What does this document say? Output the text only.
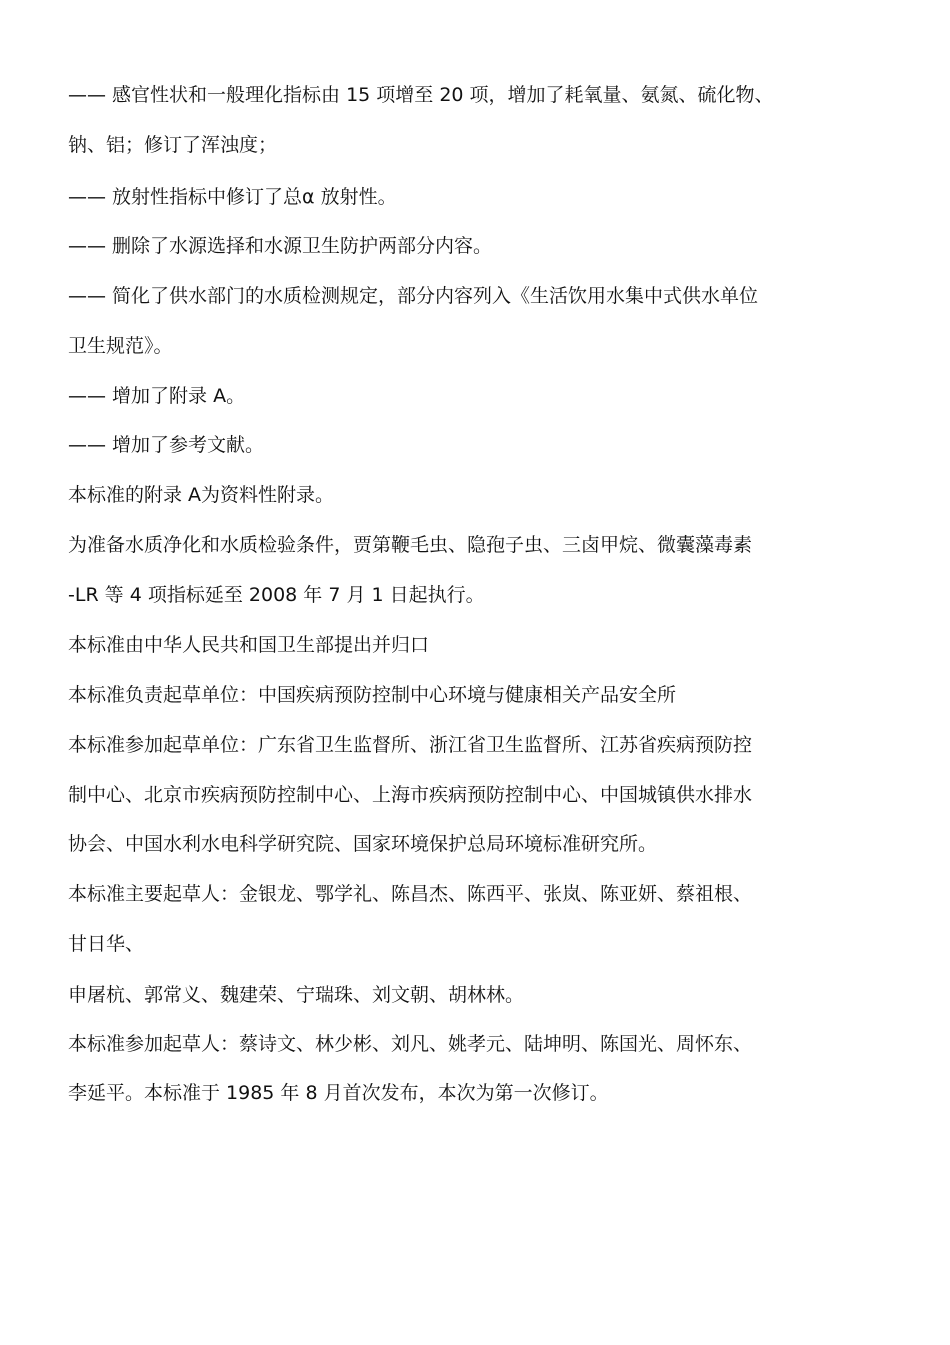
—— 感官性状和一般理化指标由 15 项增至 20 项，增加了耗氧量、氨氮、硫化物、
钠、铝；修订了浑浊度；
—— 放射性指标中修订了总α 放射性。
—— 删除了水源选择和水源卫生防护两部分内容。
—— 简化了供水部门的水质检测规定，部分内容列入《生活饮用水集中式供水单位
卫生规范》。
—— 增加了附录 A。
—— 增加了参考文献。
本标准的附录 A为资料性附录。
为准备水质净化和水质检验条件，贾第鞭毛虫、隐孢子虫、三卤甲烷、微囊藻毒素
-LR 等 4 项指标延至 2008 年 7 月 1 日起执行。
本标准由中华人民共和国卫生部提出并归口
本标准负责起草单位：中国疾病预防控制中心环境与健康相关产品安全所
本标准参加起草单位：广东省卫生监督所、浙江省卫生监督所、江苏省疾病预防控
制中心、北京市疾病预防控制中心、上海市疾病预防控制中心、中国城镇供水排水
协会、中国水利水电科学研究院、国家环境保护总局环境标准研究所。
本标准主要起草人：金银龙、鄂学礼、陈昌杰、陈西平、张岚、陈亚妍、蔡祖根、
甘日华、
申屠杭、郭常义、魏建荣、宁瑞珠、刘文朝、胡林林。
本标准参加起草人：蔡诗文、林少彬、刘凡、姚孝元、陆坤明、陈国光、周怀东、
李延平。本标准于 1985 年 8 月首次发布，本次为第一次修订。
